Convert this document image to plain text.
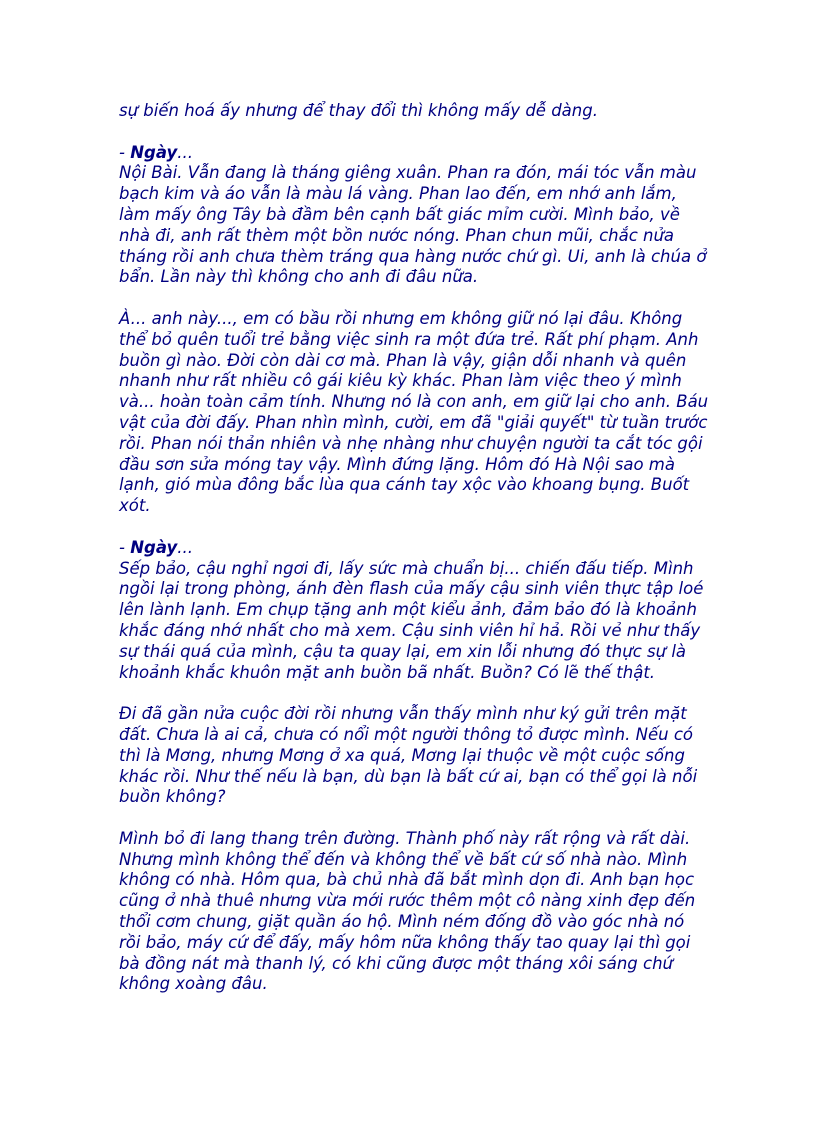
sự biến hoá ấy nhưng để thay đổi thì không mấy dễ dàng.

- Ngày...

Nội Bài. Vẫn đang là tháng giêng xuân. Phan ra đón, mái tóc vẫn màu bạch kim và áo vẫn là màu lá vàng. Phan lao đến, em nhớ anh lắm, làm mấy ông Tây bà đầm bên cạnh bất giác mỉm cười. Mình bảo, về nhà đi, anh rất thèm một bồn nước nóng. Phan chun mũi, chắc nửa tháng rồi anh chưa thèm tráng qua hàng nước chứ gì. Ui, anh là chúa ở bẩn. Lần này thì không cho anh đi đâu nữa.

À... anh này..., em có bầu rồi nhưng em không giữ nó lại đâu. Không thể bỏ quên tuổi trẻ bằng việc sinh ra một đứa trẻ. Rất phí phạm. Anh buồn gì nào. Đời còn dài cơ mà. Phan là vậy, giận dỗi nhanh và quên nhanh như rất nhiều cô gái kiêu kỳ khác. Phan làm việc theo ý mình và... hoàn toàn cảm tính. Nhưng nó là con anh, em giữ lại cho anh. Báu vật của đời đấy. Phan nhìn mình, cười, em đã "giải quyết" từ tuần trước rồi. Phan nói thản nhiên và nhẹ nhàng như chuyện người ta cắt tóc gội đầu sơn sửa móng tay vậy. Mình đứng lặng. Hôm đó Hà Nội sao mà lạnh, gió mùa đông bắc lùa qua cánh tay xộc vào khoang bụng. Buốt xót.

- Ngày...

Sếp bảo, cậu nghỉ ngơi đi, lấy sức mà chuẩn bị... chiến đấu tiếp. Mình ngồi lại trong phòng, ánh đèn flash của mấy cậu sinh viên thực tập loé lên lành lạnh. Em chụp tặng anh một kiểu ảnh, đảm bảo đó là khoảnh khắc đáng nhớ nhất cho mà xem. Cậu sinh viên hỉ hả. Rồi vẻ như thấy sự thái quá của mình, cậu ta quay lại, em xin lỗi nhưng đó thực sự là khoảnh khắc khuôn mặt anh buồn bã nhất. Buồn? Có lẽ thế thật.

Đi đã gần nửa cuộc đời rồi nhưng vẫn thấy mình như ký gửi trên mặt đất. Chưa là ai cả, chưa có nổi một người thông tỏ được mình. Nếu có thì là Mơng, nhưng Mơng ở xa quá, Mơng lại thuộc về một cuộc sống khác rồi. Như thế nếu là bạn, dù bạn là bất cứ ai, bạn có thể gọi là nỗi buồn không?

Mình bỏ đi lang thang trên đường. Thành phố này rất rộng và rất dài. Nhưng mình không thể đến và không thể về bất cứ số nhà nào. Mình không có nhà. Hôm qua, bà chủ nhà đã bắt mình dọn đi. Anh bạn học cũng ở nhà thuê nhưng vừa mới rước thêm một cô nàng xinh đẹp đến thổi cơm chung, giặt quần áo hộ. Mình ném đống đồ vào góc nhà nó rồi bảo, máy cứ để đấy, mấy hôm nữa không thấy tao quay lại thì gọi bà đồng nát mà thanh lý, có khi cũng được một tháng xôi sáng chứ không xoàng đâu.
